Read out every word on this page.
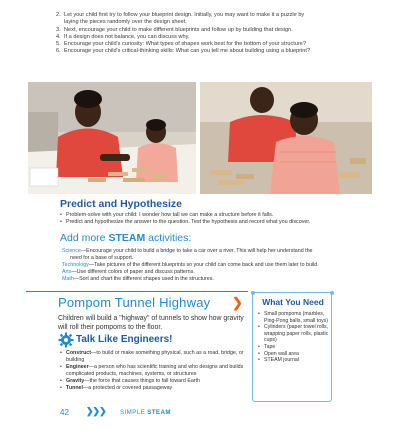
2. Let your child first try to follow your blueprint design. Initially, you may want to make it a puzzle by
laying the pieces randomly over the design sheet.
3. Next, encourage your child to make different blueprints and follow up by building that design.
4. If a design does not balance, you can discuss why.
5. Encourage your child's curiosity: What types of shapes work best for the bottom of your structure?
6. Encourage your child's critical-thinking skills: What can you tell me about building using a blueprint?
Predict and Hypothesize
• Problem-solve with your child: I wonder how tall we can make a structure before it falls.
• Predict and hypothesize the answer to the question. Test the hypothesis and record what you discover.
Add more STEAM activities:
Science—Encourage your child to build a bridge to take a car over a river. This will help her understand the
need for a base of support.
Technology—Take pictures of the different blueprints so your child can come back and use them later to build.
Arts—Use different colors of paper and discuss patterns.
Math—Sort and chart the different shapes used in the structures.
Pompom Tunnel Highway ❯
Children will build a "highway" of tunnels to show how gravity will roll their pompoms to the floor.
Talk Like Engineers!
• Construct—to build or make something physical, such as a road, bridge, or building
• Engineer—a person who has scientific training and who designs and builds complicated products, machines, systems, or structures
• Gravity—the force that causes things to fall toward Earth
• Tunnel—a protected or covered passageway
What You Need
• Small pompoms (marbles, Ping-Pong balls, small toys)
• Cylinders (paper towel rolls, wrapping paper rolls, plastic cups)
• Tape
• Open wall area
• STEAM journal
42 ❯❯❯ SIMPLE STEAM
